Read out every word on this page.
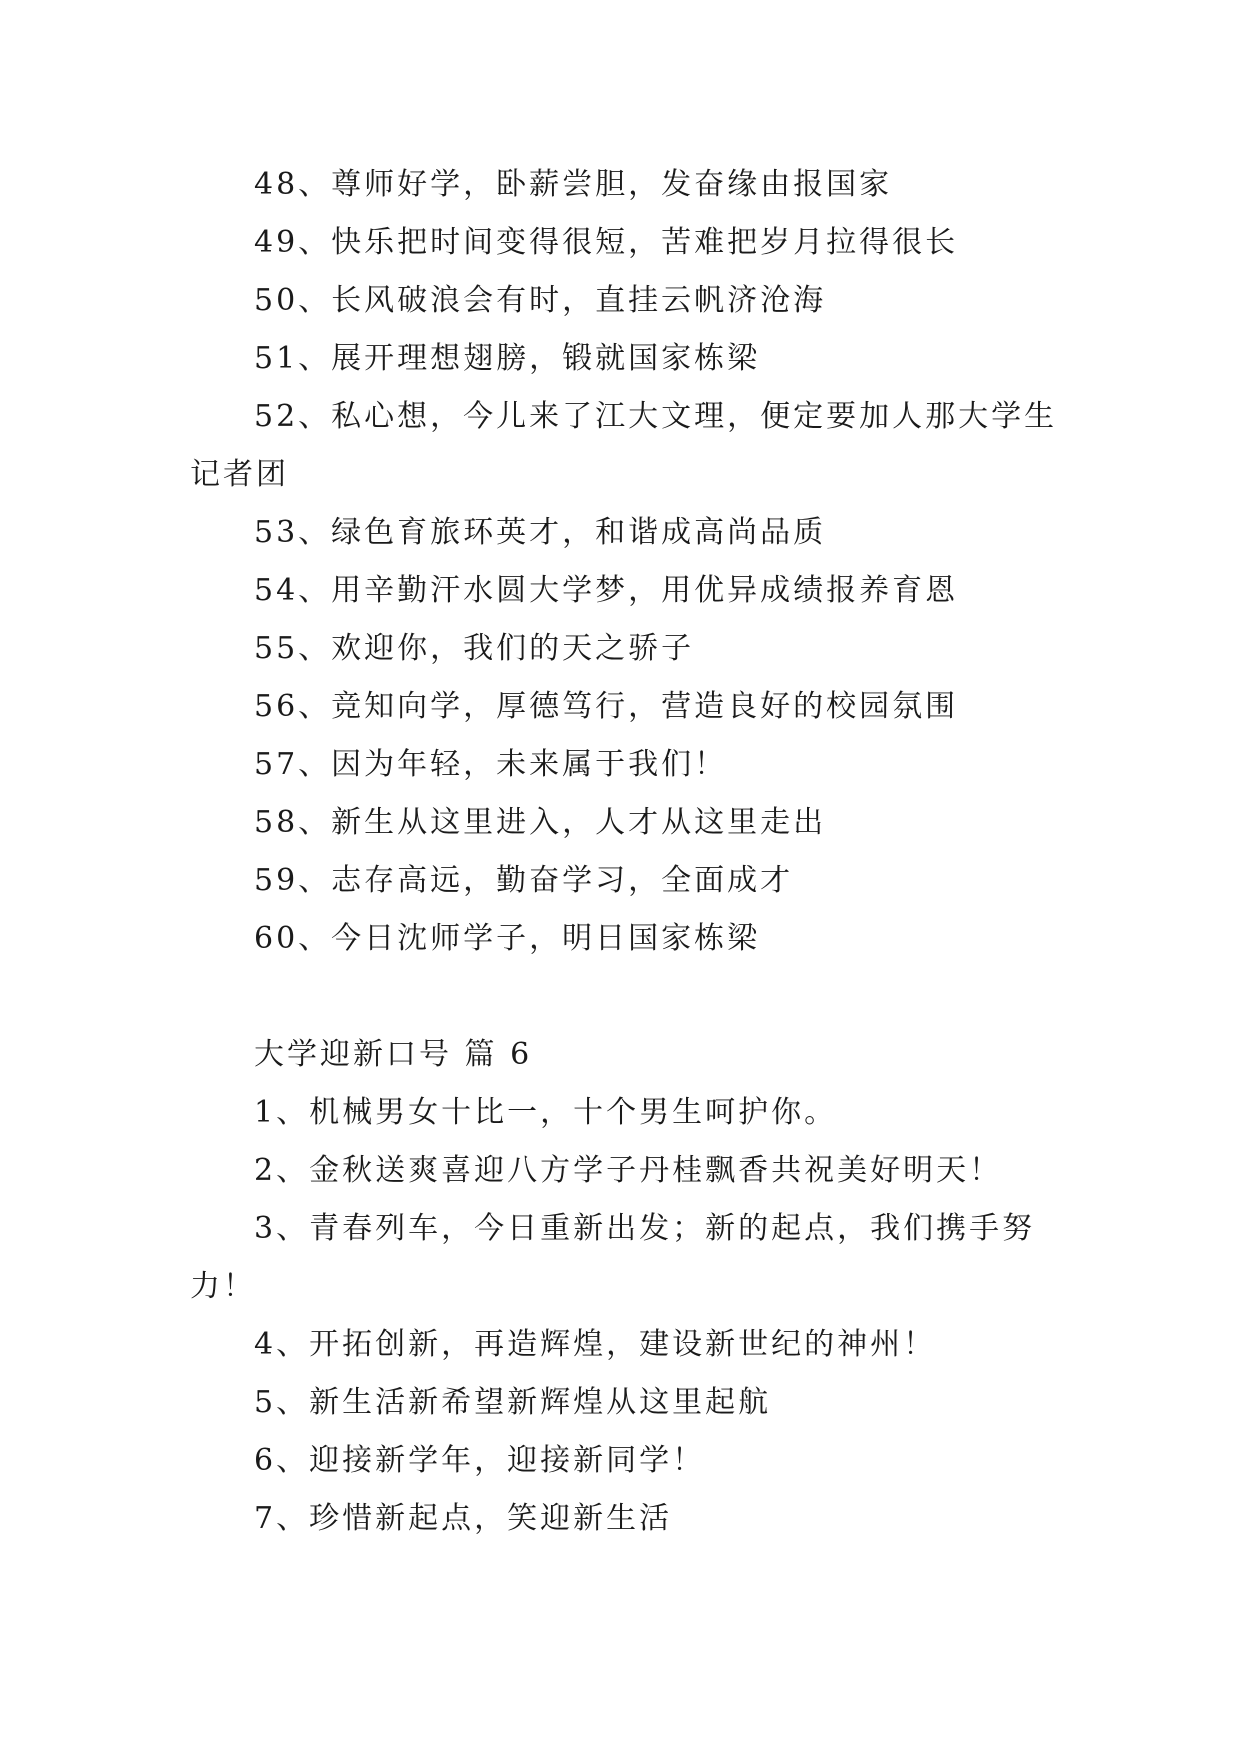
48、尊师好学，卧薪尝胆，发奋缘由报国家

49、快乐把时间变得很短，苦难把岁月拉得很长

50、长风破浪会有时，直挂云帆济沧海

51、展开理想翅膀，锻就国家栋梁

52、私心想，今儿来了江大文理，便定要加人那大学生记者团

53、绿色育旅环英才，和谐成高尚品质

54、用辛勤汗水圆大学梦，用优异成绩报养育恩

55、欢迎你，我们的天之骄子

56、竞知向学，厚德笃行，营造良好的校园氛围

57、因为年轻，未来属于我们！

58、新生从这里进入，人才从这里走出

59、志存高远，勤奋学习，全面成才

60、今日沈师学子，明日国家栋梁

大学迎新口号 篇 6

1、机械男女十比一，十个男生呵护你。

2、金秋送爽喜迎八方学子丹桂飘香共祝美好明天！

3、青春列车，今日重新出发；新的起点，我们携手努力！

4、开拓创新，再造辉煌，建设新世纪的神州！

5、新生活新希望新辉煌从这里起航

6、迎接新学年，迎接新同学！

7、珍惜新起点，笑迎新生活
